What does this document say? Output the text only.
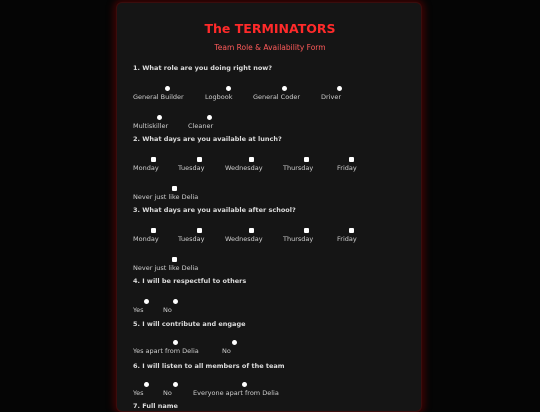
The TERMINATORS
Team Role & Availability Form
1. What role are you doing right now?
General Builder	Logbook	General Coder	Driver
Multiskiller	Cleaner
2. What days are you available at lunch?
Monday	Tuesday	Wednesday	Thursday	Friday
Never just like Delia
3. What days are you available after school?
Monday	Tuesday	Wednesday	Thursday	Friday
Never just like Delia
4. I will be respectful to others
Yes	No
5. I will contribute and engage
Yes apart from Delia	No
6. I will listen to all members of the team
Yes	No	Everyone apart from Delia
7. Full name
